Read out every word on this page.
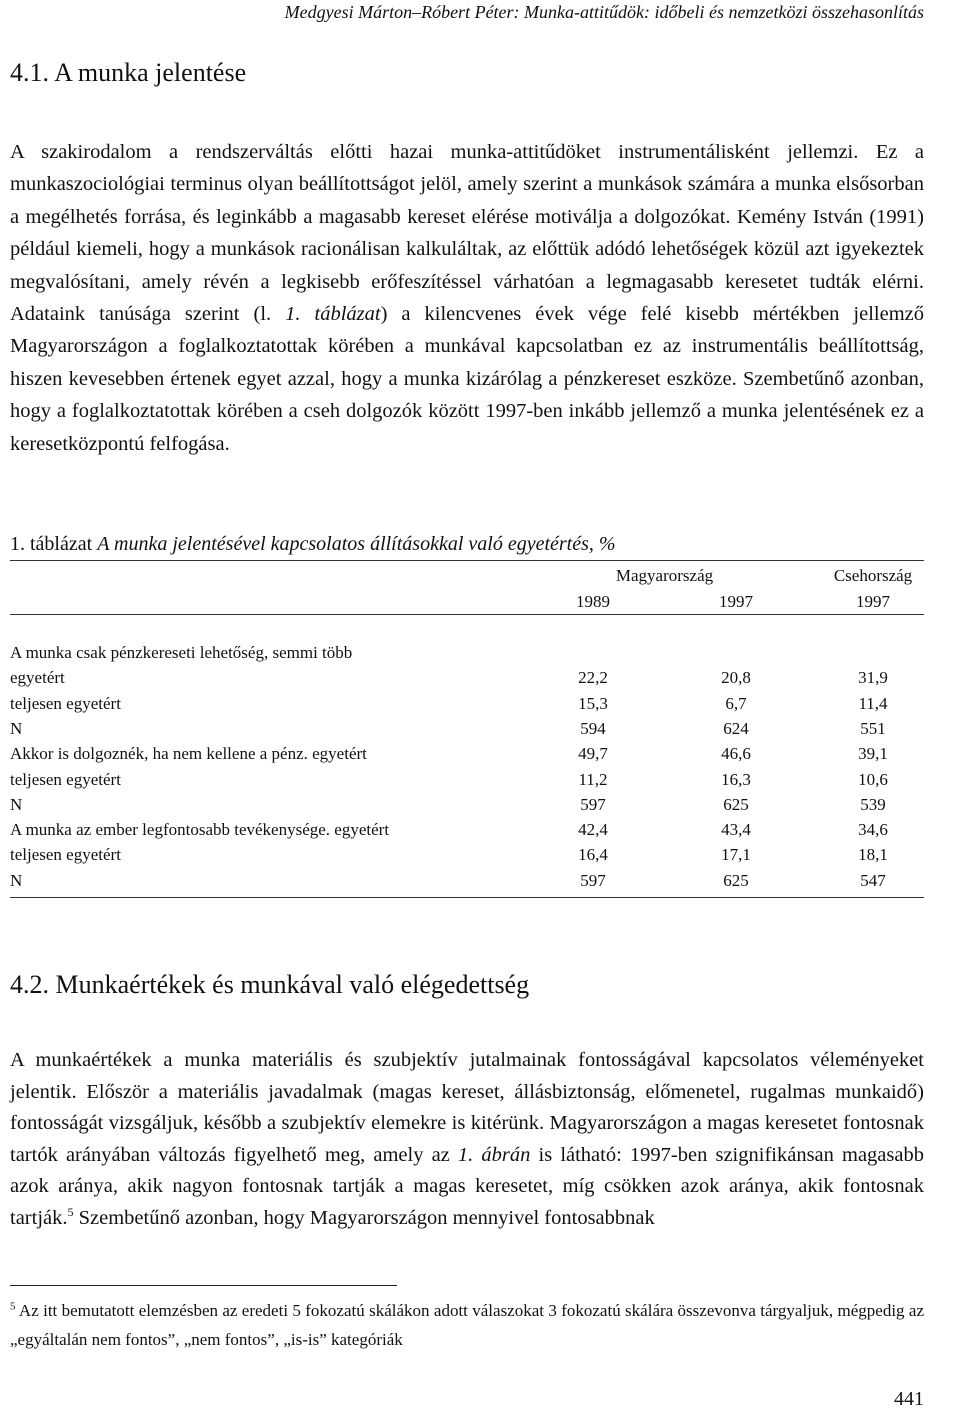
Medgyesi Márton–Róbert Péter: Munka-attitűdök: időbeli és nemzetközi összehasonlítás
4.1. A munka jelentése

A szakirodalom a rendszerváltás előtti hazai munka-attitűdöket instrumentálisként jellemzi. Ez a munkaszociológiai terminus olyan beállítottságot jelöl, amely szerint a munkások számára a munka elsősorban a megélhetés forrása, és leginkább a magasabb kereset elérése motiválja a dolgozókat. Kemény István (1991) például kiemeli, hogy a munkások racionálisan kalkuláltak, az előttük adódó lehetőségek közül azt igyekeztek megvalósítani, amely révén a legkisebb erőfeszítéssel várhatóan a legmagasabb keresetet tudták elérni. Adataink tanúsága szerint (l. 1. táblázat) a kilencvenes évek vége felé kisebb mértékben jellemző Magyarországon a foglalkoztatottak körében a munkával kapcsolatban ez az instrumentális beállítottság, hiszen kevesebben értenek egyet azzal, hogy a munka kizárólag a pénzkereset eszköze. Szembetűnő azonban, hogy a foglalkoztatottak körében a cseh dolgozók között 1997-ben inkább jellemző a munka jelentésének ez a keresetközpontú felfogása.

1. táblázat A munka jelentésével kapcsolatos állításokkal való egyetértés, %
Magyarország	Csehország
1989	1997	1997
A munka csak pénzkereseti lehetőség, semmi több
egyetért	22,2	20,8	31,9
teljesen egyetért	15,3	6,7	11,4
N	594	624	551
Akkor is dolgoznék, ha nem kellene a pénz. egyetért	49,7	46,6	39,1
teljesen egyetért	11,2	16,3	10,6
N	597	625	539
A munka az ember legfontosabb tevékenysége. egyetért	42,4	43,4	34,6
teljesen egyetért	16,4	17,1	18,1
N	597	625	547
4.2. Munkaértékek és munkával való elégedettség

A munkaértékek a munka materiális és szubjektív jutalmainak fontosságával kapcsolatos véleményeket jelentik. Először a materiális javadalmak (magas kereset, állásbiztonság, előmenetel, rugalmas munkaidő) fontosságát vizsgáljuk, később a szubjektív elemekre is kitérünk. Magyarországon a magas keresetet fontosnak tartók arányában változás figyelhető meg, amely az 1. ábrán is látható: 1997-ben szignifikánsan magasabb azok aránya, akik nagyon fontosnak tartják a magas keresetet, míg csökken azok aránya, akik fontosnak tartják.$^5$ Szembetűnő azonban, hogy Magyarországon mennyivel fontosabbnak

$^5$ Az itt bemutatott elemzésben az eredeti 5 fokozatú skálákon adott válaszokat 3 fokozatú skálára összevonva tárgyaljuk, mégpedig az „egyáltalán nem fontos”, „nem fontos”, „is-is” kategóriák

441
